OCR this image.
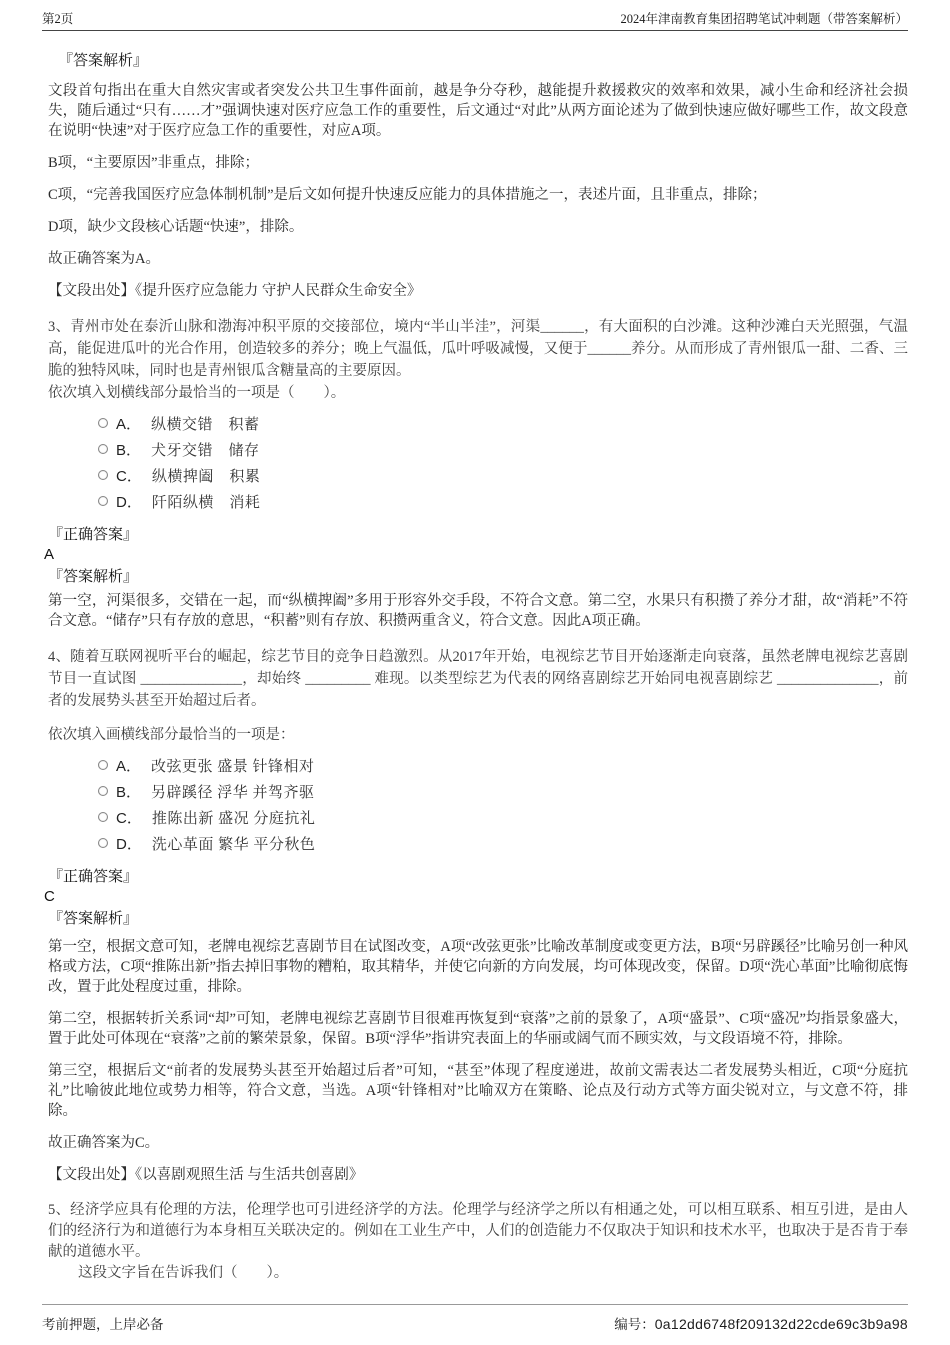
第2页	2024年津南教育集团招聘笔试冲刺题（带答案解析）
『答案解析』

文段首句指出在重大自然灾害或者突发公共卫生事件面前，越是争分夺秒，越能提升救援救灾的效率和效果，减小生命和经济社会损失，随后通过“只有……才”强调快速对医疗应急工作的重要性，后文通过“对此”从两方面论述为了做到快速应做好哪些工作，故文段意在说明“快速”对于医疗应急工作的重要性，对应A项。

B项，“主要原因”非重点，排除；

C项，“完善我国医疗应急体制机制”是后文如何提升快速反应能力的具体措施之一，表述片面，且非重点，排除；

D项，缺少文段核心话题“快速”，排除。

故正确答案为A。

【文段出处】《提升医疗应急能力 守护人民群众生命安全》

3、青州市处在泰沂山脉和渤海冲积平原的交接部位，境内“半山半洼”，河渠______，有大面积的白沙滩。这种沙滩白天光照强，气温高，能促进瓜叶的光合作用，创造较多的养分；晚上气温低，瓜叶呼吸减慢，又便于______养分。从而形成了青州银瓜一甜、二香、三脆的独特风味，同时也是青州银瓜含糖量高的主要原因。

依次填入划横线部分最恰当的一项是（　　）。

A． 纵横交错　积蓄
B． 犬牙交错　储存
C． 纵横捭阖　积累
D． 阡陌纵横　消耗
『正确答案』
A
『答案解析』

第一空，河渠很多，交错在一起，而“纵横捭阖”多用于形容外交手段，不符合文意。第二空，水果只有积攒了养分才甜，故“消耗”不符合文意。“储存”只有存放的意思，“积蓄”则有存放、积攒两重含义，符合文意。因此A项正确。

4、随着互联网视听平台的崛起，综艺节目的竞争日趋激烈。从2017年开始，电视综艺节目开始逐渐走向衰落，虽然老牌电视综艺喜剧节目一直试图 ______________，却始终 _________ 难现。以类型综艺为代表的网络喜剧综艺开始同电视喜剧综艺 ______________，前者的发展势头甚至开始超过后者。

依次填入画横线部分最恰当的一项是：

A． 改弦更张 盛景 针锋相对
B． 另辟蹊径 浮华 并驾齐驱
C． 推陈出新 盛况 分庭抗礼
D． 洗心革面 繁华 平分秋色
『正确答案』
C
『答案解析』

第一空，根据文意可知，老牌电视综艺喜剧节目在试图改变，A项“改弦更张”比喻改革制度或变更方法，B项“另辟蹊径”比喻另创一种风格或方法，C项“推陈出新”指去掉旧事物的糟粕，取其精华，并使它向新的方向发展，均可体现改变，保留。D项“洗心革面”比喻彻底悔改，置于此处程度过重，排除。

第二空，根据转折关系词“却”可知，老牌电视综艺喜剧节目很难再恢复到“衰落”之前的景象了，A项“盛景”、C项“盛况”均指景象盛大，置于此处可体现在“衰落”之前的繁荣景象，保留。B项“浮华”指讲究表面上的华丽或阔气而不顾实效，与文段语境不符，排除。

第三空，根据后文“前者的发展势头甚至开始超过后者”可知，“甚至”体现了程度递进，故前文需表达二者发展势头相近，C项“分庭抗礼”比喻彼此地位或势力相等，符合文意，当选。A项“针锋相对”比喻双方在策略、论点及行动方式等方面尖锐对立，与文意不符，排除。

故正确答案为C。

【文段出处】《以喜剧观照生活 与生活共创喜剧》

5、经济学应具有伦理的方法，伦理学也可引进经济学的方法。伦理学与经济学之所以有相通之处，可以相互联系、相互引进，是由人们的经济行为和道德行为本身相互关联决定的。例如在工业生产中，人们的创造能力不仅取决于知识和技术水平，也取决于是否肯于奉献的道德水平。

这段文字旨在告诉我们（　　）。

考前押题，上岸必备	编号：0a12dd6748f209132d22cde69c3b9a98
